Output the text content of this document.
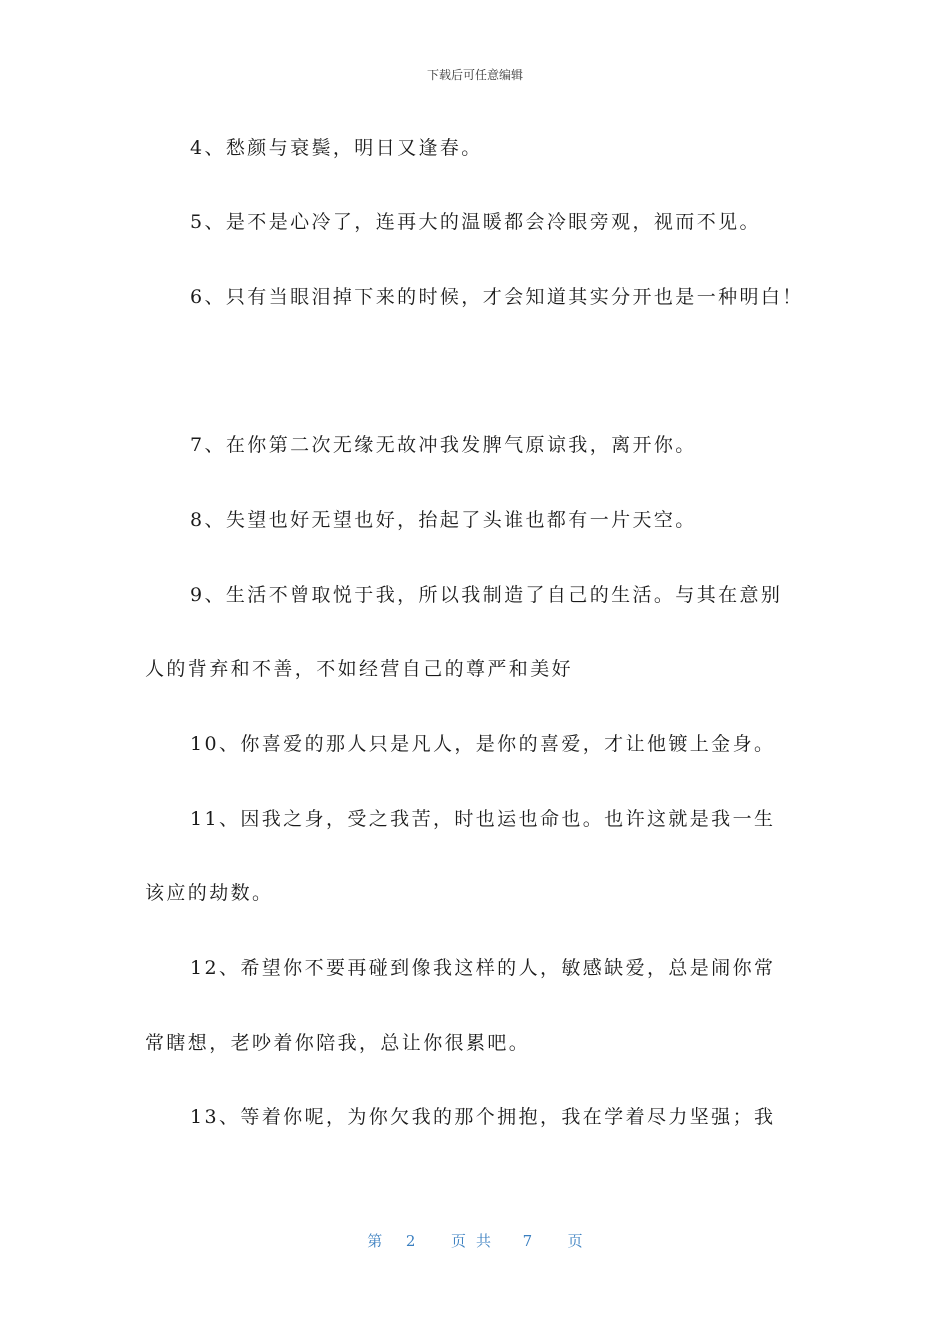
下载后可任意编辑
4、愁颜与衰鬓，明日又逢春。
5、是不是心冷了，连再大的温暖都会冷眼旁观，视而不见。
6、只有当眼泪掉下来的时候，才会知道其实分开也是一种明白！
7、在你第二次无缘无故冲我发脾气原谅我，离开你。
8、失望也好无望也好，抬起了头谁也都有一片天空。
9、生活不曾取悦于我，所以我制造了自己的生活。与其在意别
人的背弃和不善，不如经营自己的尊严和美好
10、你喜爱的那人只是凡人，是你的喜爱，才让他镀上金身。
11、因我之身，受之我苦，时也运也命也。也许这就是我一生
该应的劫数。
12、希望你不要再碰到像我这样的人，敏感缺爱，总是闹你常
常瞎想，老吵着你陪我，总让你很累吧。
13、等着你呢，为你欠我的那个拥抱，我在学着尽力坚强；我
第 2 页共 7 页
